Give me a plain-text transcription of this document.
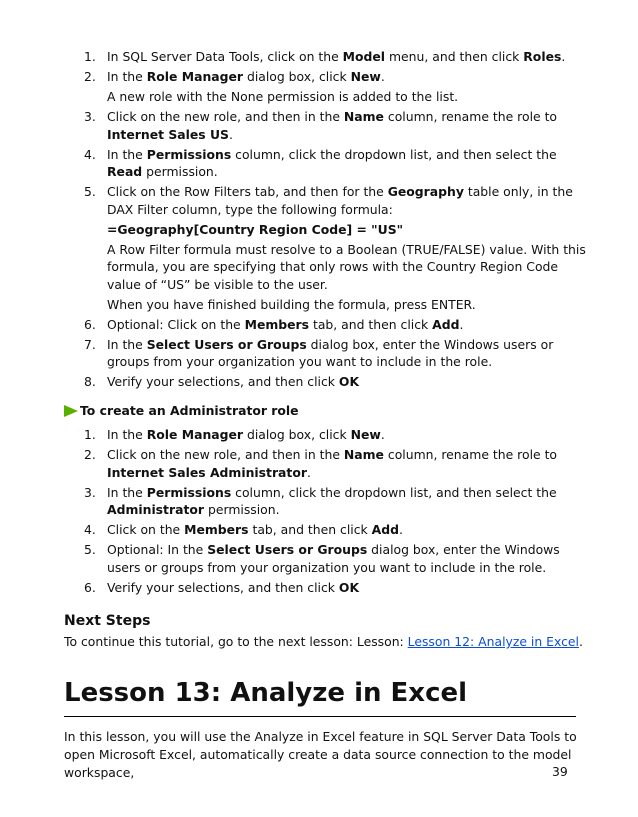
1. In SQL Server Data Tools, click on the Model menu, and then click Roles.
2. In the Role Manager dialog box, click New.
A new role with the None permission is added to the list.
3. Click on the new role, and then in the Name column, rename the role to Internet Sales US.
4. In the Permissions column, click the dropdown list, and then select the Read permission.
5. Click on the Row Filters tab, and then for the Geography table only, in the DAX Filter column, type the following formula:
=Geography[Country Region Code] = "US"
A Row Filter formula must resolve to a Boolean (TRUE/FALSE) value. With this formula, you are specifying that only rows with the Country Region Code value of “US” be visible to the user.
When you have finished building the formula, press ENTER.
6. Optional: Click on the Members tab, and then click Add.
7. In the Select Users or Groups dialog box, enter the Windows users or groups from your organization you want to include in the role.
8. Verify your selections, and then click OK
To create an Administrator role
1. In the Role Manager dialog box, click New.
2. Click on the new role, and then in the Name column, rename the role to Internet Sales Administrator.
3. In the Permissions column, click the dropdown list, and then select the Administrator permission.
4. Click on the Members tab, and then click Add.
5. Optional: In the Select Users or Groups dialog box, enter the Windows users or groups from your organization you want to include in the role.
6. Verify your selections, and then click OK
Next Steps
To continue this tutorial, go to the next lesson: Lesson: Lesson 12: Analyze in Excel.
Lesson 13: Analyze in Excel
In this lesson, you will use the Analyze in Excel feature in SQL Server Data Tools to open Microsoft Excel, automatically create a data source connection to the model workspace,	39
